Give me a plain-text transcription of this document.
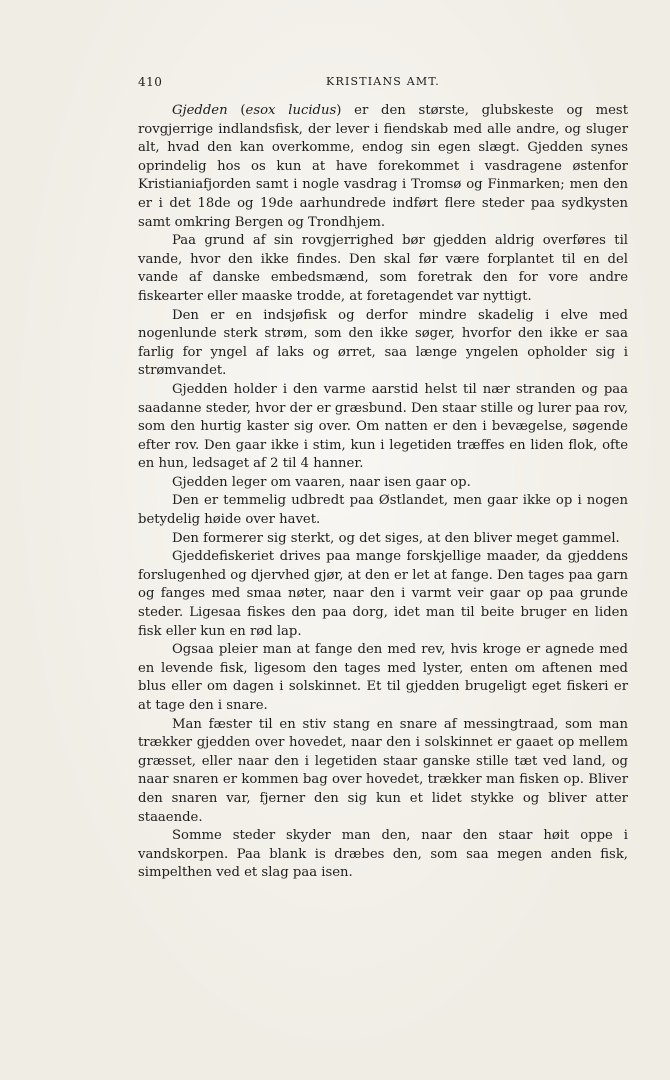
410	KRISTIANS AMT.

Gjedden (esox lucidus) er den største, glubskeste og mest rovgjerrige indlandsfisk, der lever i fiendskab med alle andre, og sluger alt, hvad den kan overkomme, endog sin egen slægt. Gjedden synes oprindelig hos os kun at have forekommet i vasdragene østenfor Kristianiafjorden samt i nogle vasdrag i Tromsø og Finmarken; men den er i det 18de og 19de aarhundrede indført flere steder paa sydkysten samt omkring Bergen og Trondhjem.

Paa grund af sin rovgjerrighed bør gjedden aldrig overføres til vande, hvor den ikke findes. Den skal før være forplantet til en del vande af danske embedsmænd, som foretrak den for vore andre fiskearter eller maaske trodde, at foretagendet var nyttigt.

Den er en indsjøfisk og derfor mindre skadelig i elve med nogenlunde sterk strøm, som den ikke søger, hvorfor den ikke er saa farlig for yngel af laks og ørret, saa længe yngelen opholder sig i strømvandet.

Gjedden holder i den varme aarstid helst til nær stranden og paa saadanne steder, hvor der er græsbund. Den staar stille og lurer paa rov, som den hurtig kaster sig over. Om natten er den i bevægelse, søgende efter rov. Den gaar ikke i stim, kun i legetiden træffes en liden flok, ofte en hun, ledsaget af 2 til 4 hanner.

Gjedden leger om vaaren, naar isen gaar op.

Den er temmelig udbredt paa Østlandet, men gaar ikke op i nogen betydelig høide over havet.

Den formerer sig sterkt, og det siges, at den bliver meget gammel.

Gjeddefiskeriet drives paa mange forskjellige maader, da gjeddens forslugenhed og djervhed gjør, at den er let at fange. Den tages paa garn og fanges med smaa nøter, naar den i varmt veir gaar op paa grunde steder. Ligesaa fiskes den paa dorg, idet man til beite bruger en liden fisk eller kun en rød lap.

Ogsaa pleier man at fange den med rev, hvis kroge er agnede med en levende fisk, ligesom den tages med lyster, enten om aftenen med blus eller om dagen i solskinnet. Et til gjedden brugeligt eget fiskeri er at tage den i snare.

Man fæster til en stiv stang en snare af messingtraad, som man trækker gjedden over hovedet, naar den i solskinnet er gaaet op mellem græsset, eller naar den i legetiden staar ganske stille tæt ved land, og naar snaren er kommen bag over hovedet, trækker man fisken op. Bliver den snaren var, fjerner den sig kun et lidet stykke og bliver atter staaende.

Somme steder skyder man den, naar den staar høit oppe i vandskorpen. Paa blank is dræbes den, som saa megen anden fisk, simpelthen ved et slag paa isen.
